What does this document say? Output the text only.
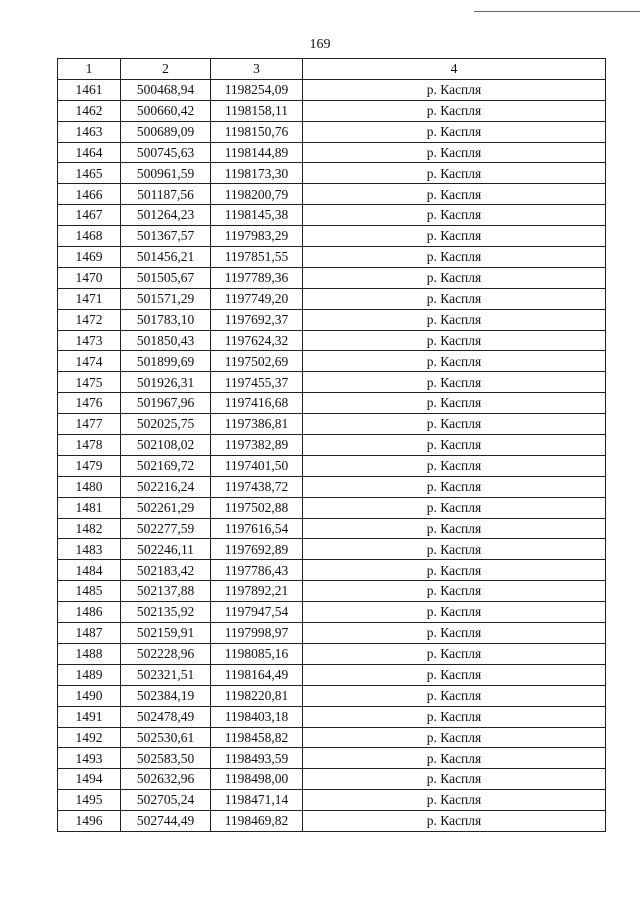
169
1	2	3	4
1461	500468,94	1198254,09	р. Каспля
1462	500660,42	1198158,11	р. Каспля
1463	500689,09	1198150,76	р. Каспля
1464	500745,63	1198144,89	р. Каспля
1465	500961,59	1198173,30	р. Каспля
1466	501187,56	1198200,79	р. Каспля
1467	501264,23	1198145,38	р. Каспля
1468	501367,57	1197983,29	р. Каспля
1469	501456,21	1197851,55	р. Каспля
1470	501505,67	1197789,36	р. Каспля
1471	501571,29	1197749,20	р. Каспля
1472	501783,10	1197692,37	р. Каспля
1473	501850,43	1197624,32	р. Каспля
1474	501899,69	1197502,69	р. Каспля
1475	501926,31	1197455,37	р. Каспля
1476	501967,96	1197416,68	р. Каспля
1477	502025,75	1197386,81	р. Каспля
1478	502108,02	1197382,89	р. Каспля
1479	502169,72	1197401,50	р. Каспля
1480	502216,24	1197438,72	р. Каспля
1481	502261,29	1197502,88	р. Каспля
1482	502277,59	1197616,54	р. Каспля
1483	502246,11	1197692,89	р. Каспля
1484	502183,42	1197786,43	р. Каспля
1485	502137,88	1197892,21	р. Каспля
1486	502135,92	1197947,54	р. Каспля
1487	502159,91	1197998,97	р. Каспля
1488	502228,96	1198085,16	р. Каспля
1489	502321,51	1198164,49	р. Каспля
1490	502384,19	1198220,81	р. Каспля
1491	502478,49	1198403,18	р. Каспля
1492	502530,61	1198458,82	р. Каспля
1493	502583,50	1198493,59	р. Каспля
1494	502632,96	1198498,00	р. Каспля
1495	502705,24	1198471,14	р. Каспля
1496	502744,49	1198469,82	р. Каспля
